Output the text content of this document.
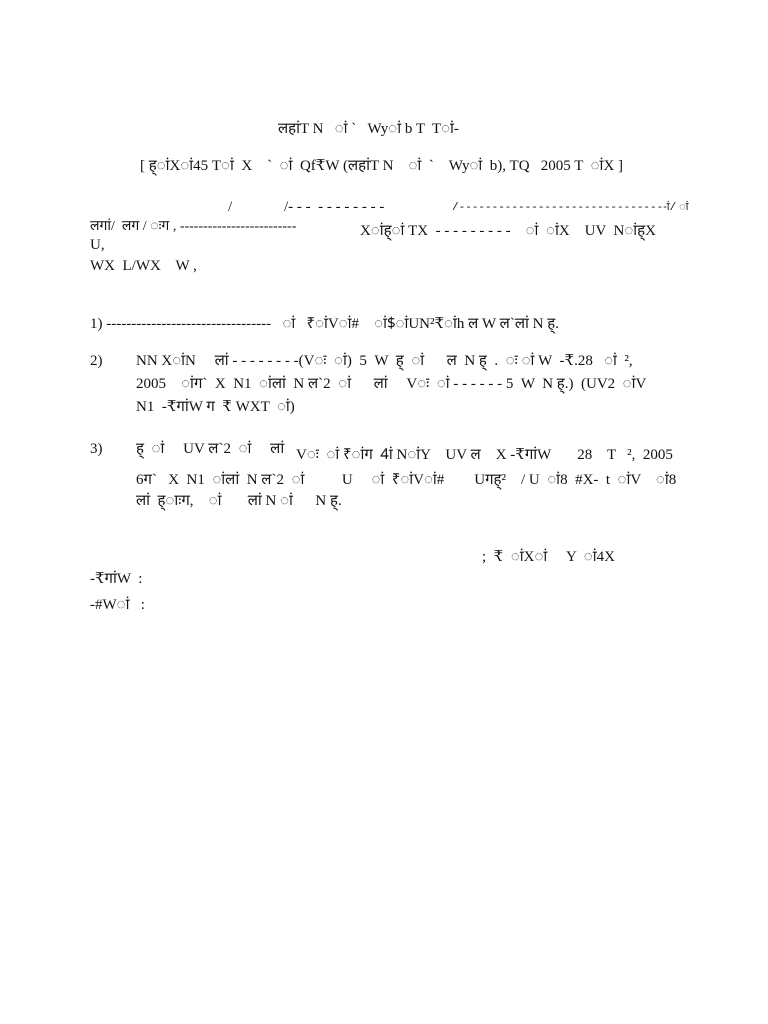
लहांT N   ां `   Wyां b T  Tां-
[ ह्ांXां45 Tां  X    `  ां  Qf₹W (लहांT N    ां  `    Wyां  b), TQ   2005 T  ांX ]
/	/- - -  - - - - - - - -	/--------------------------------ां/ ां
लगां/  लग / ःग , -------------------------	Xांह्ां TX  - - - - - - - - -    ां  ांX    UV  Nांह्X
U,
WX  L/WX    W ,
1) ---------------------------------   ां   ₹ांVां#    ां$ांUN²₹ांh ल W ल`लां N ह्.
2) NN XांN     लां - - - - - - - -(Vः  ां)  5  W  ह्  ां      ल  N ह्  .  ः ां W  -₹.28   ां  ²,
2005    ांग`  X  N1  ांलां  N ल`2  ां      लां     Vः  ां - - - - - - 5  W  N ह्.)  (UV2  ांV
N1  -₹गांW ग  ₹ WXT  ां)
3) ह्  ां     UV ल`2  ां     लां Vः  ां ₹ांग  4ां NांY    UV ल    X -₹गांW       28    T   ²,  2005
6ग`   X  N1  ांलां  N ल`2  ां          U     ां  ₹ांVां#        Uगह्²    / U  ां8  #X-  t  ांV    ां8
लां  ह्ाःग,    ां       लां N ां      N ह्.
;  ₹  ांXां     Y  ां4X
-₹गांW  :
-#Wां   :
